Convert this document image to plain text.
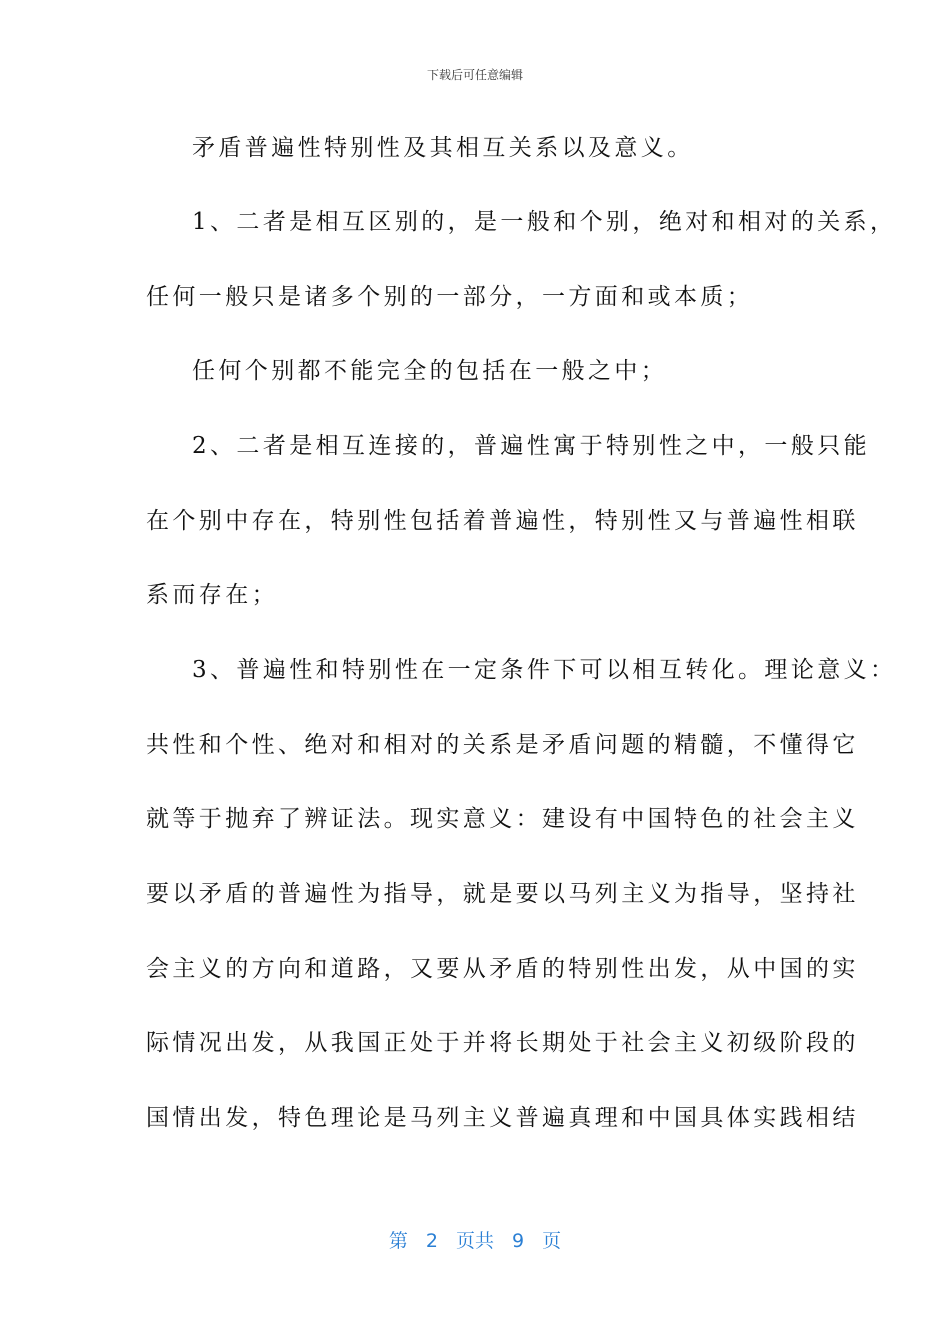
下载后可任意编辑
矛盾普遍性特别性及其相互关系以及意义。
1、二者是相互区别的，是一般和个别，绝对和相对的关系，
任何一般只是诸多个别的一部分，一方面和或本质；
任何个别都不能完全的包括在一般之中；
2、二者是相互连接的，普遍性寓于特别性之中，一般只能
在个别中存在，特别性包括着普遍性，特别性又与普遍性相联
系而存在；
3、普遍性和特别性在一定条件下可以相互转化。理论意义：
共性和个性、绝对和相对的关系是矛盾问题的精髓，不懂得它
就等于抛弃了辨证法。现实意义：建设有中国特色的社会主义
要以矛盾的普遍性为指导，就是要以马列主义为指导，坚持社
会主义的方向和道路，又要从矛盾的特别性出发，从中国的实
际情况出发，从我国正处于并将长期处于社会主义初级阶段的
国情出发，特色理论是马列主义普遍真理和中国具体实践相结
第 2 页共 9 页
